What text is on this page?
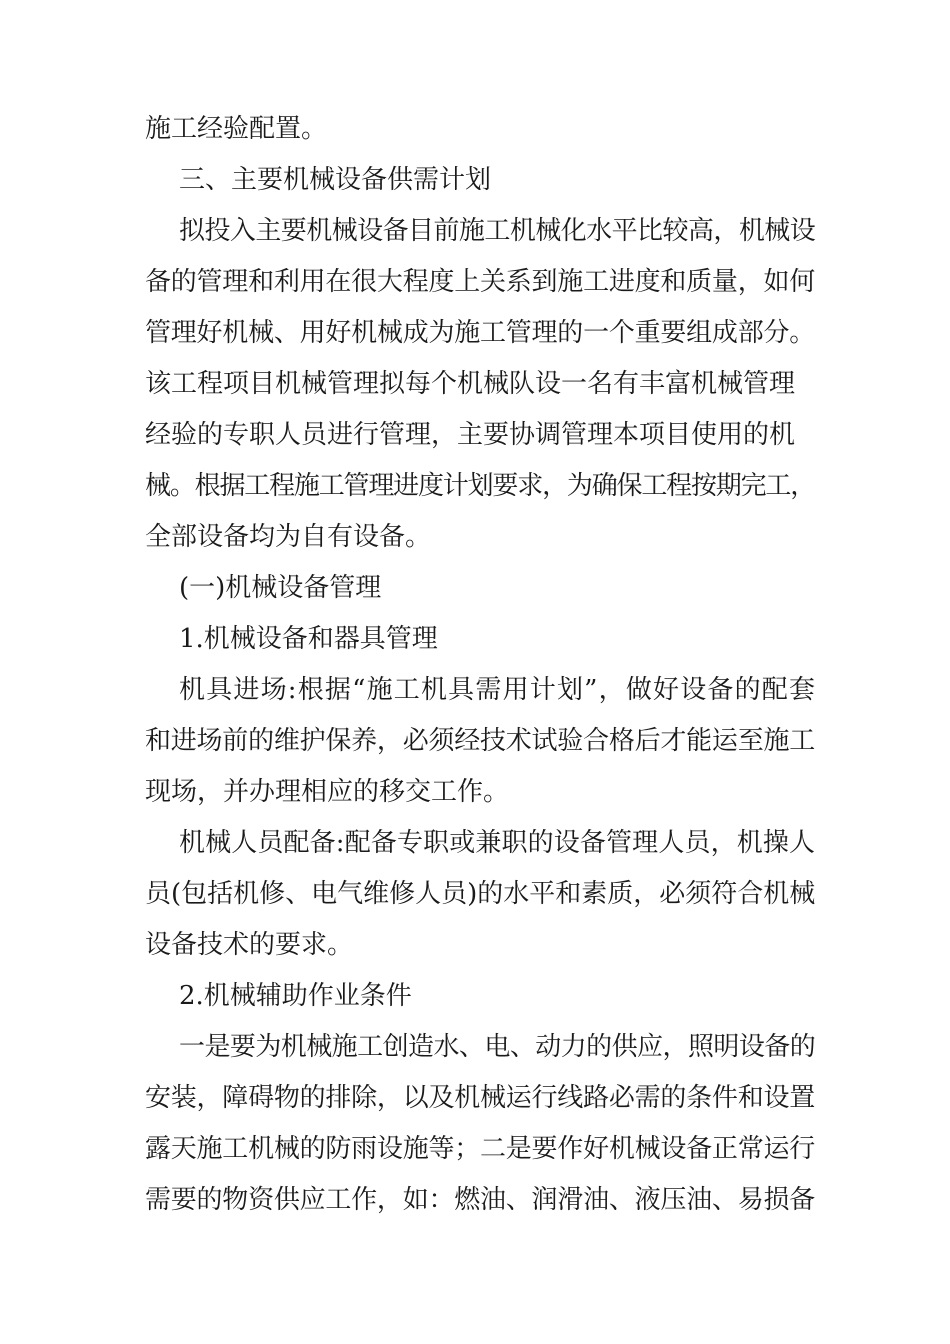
施工经验配置。
三、主要机械设备供需计划
拟投入主要机械设备目前施工机械化水平比较高，机械设
备的管理和利用在很大程度上关系到施工进度和质量，如何
管理好机械、用好机械成为施工管理的一个重要组成部分。
该工程项目机械管理拟每个机械队设一名有丰富机械管理
经验的专职人员进行管理，主要协调管理本项目使用的机
械。根据工程施工管理进度计划要求，为确保工程按期完工，
全部设备均为自有设备。
(一)机械设备管理
1.机械设备和器具管理
机具进场:根据“施工机具需用计划”，做好设备的配套
和进场前的维护保养，必须经技术试验合格后才能运至施工
现场，并办理相应的移交工作。
机械人员配备:配备专职或兼职的设备管理人员，机操人
员(包括机修、电气维修人员)的水平和素质，必须符合机械
设备技术的要求。
2.机械辅助作业条件
一是要为机械施工创造水、电、动力的供应，照明设备的
安装，障碍物的排除，以及机械运行线路必需的条件和设置
露天施工机械的防雨设施等；二是要作好机械设备正常运行
需要的物资供应工作，如：燃油、润滑油、液压油、易损备
